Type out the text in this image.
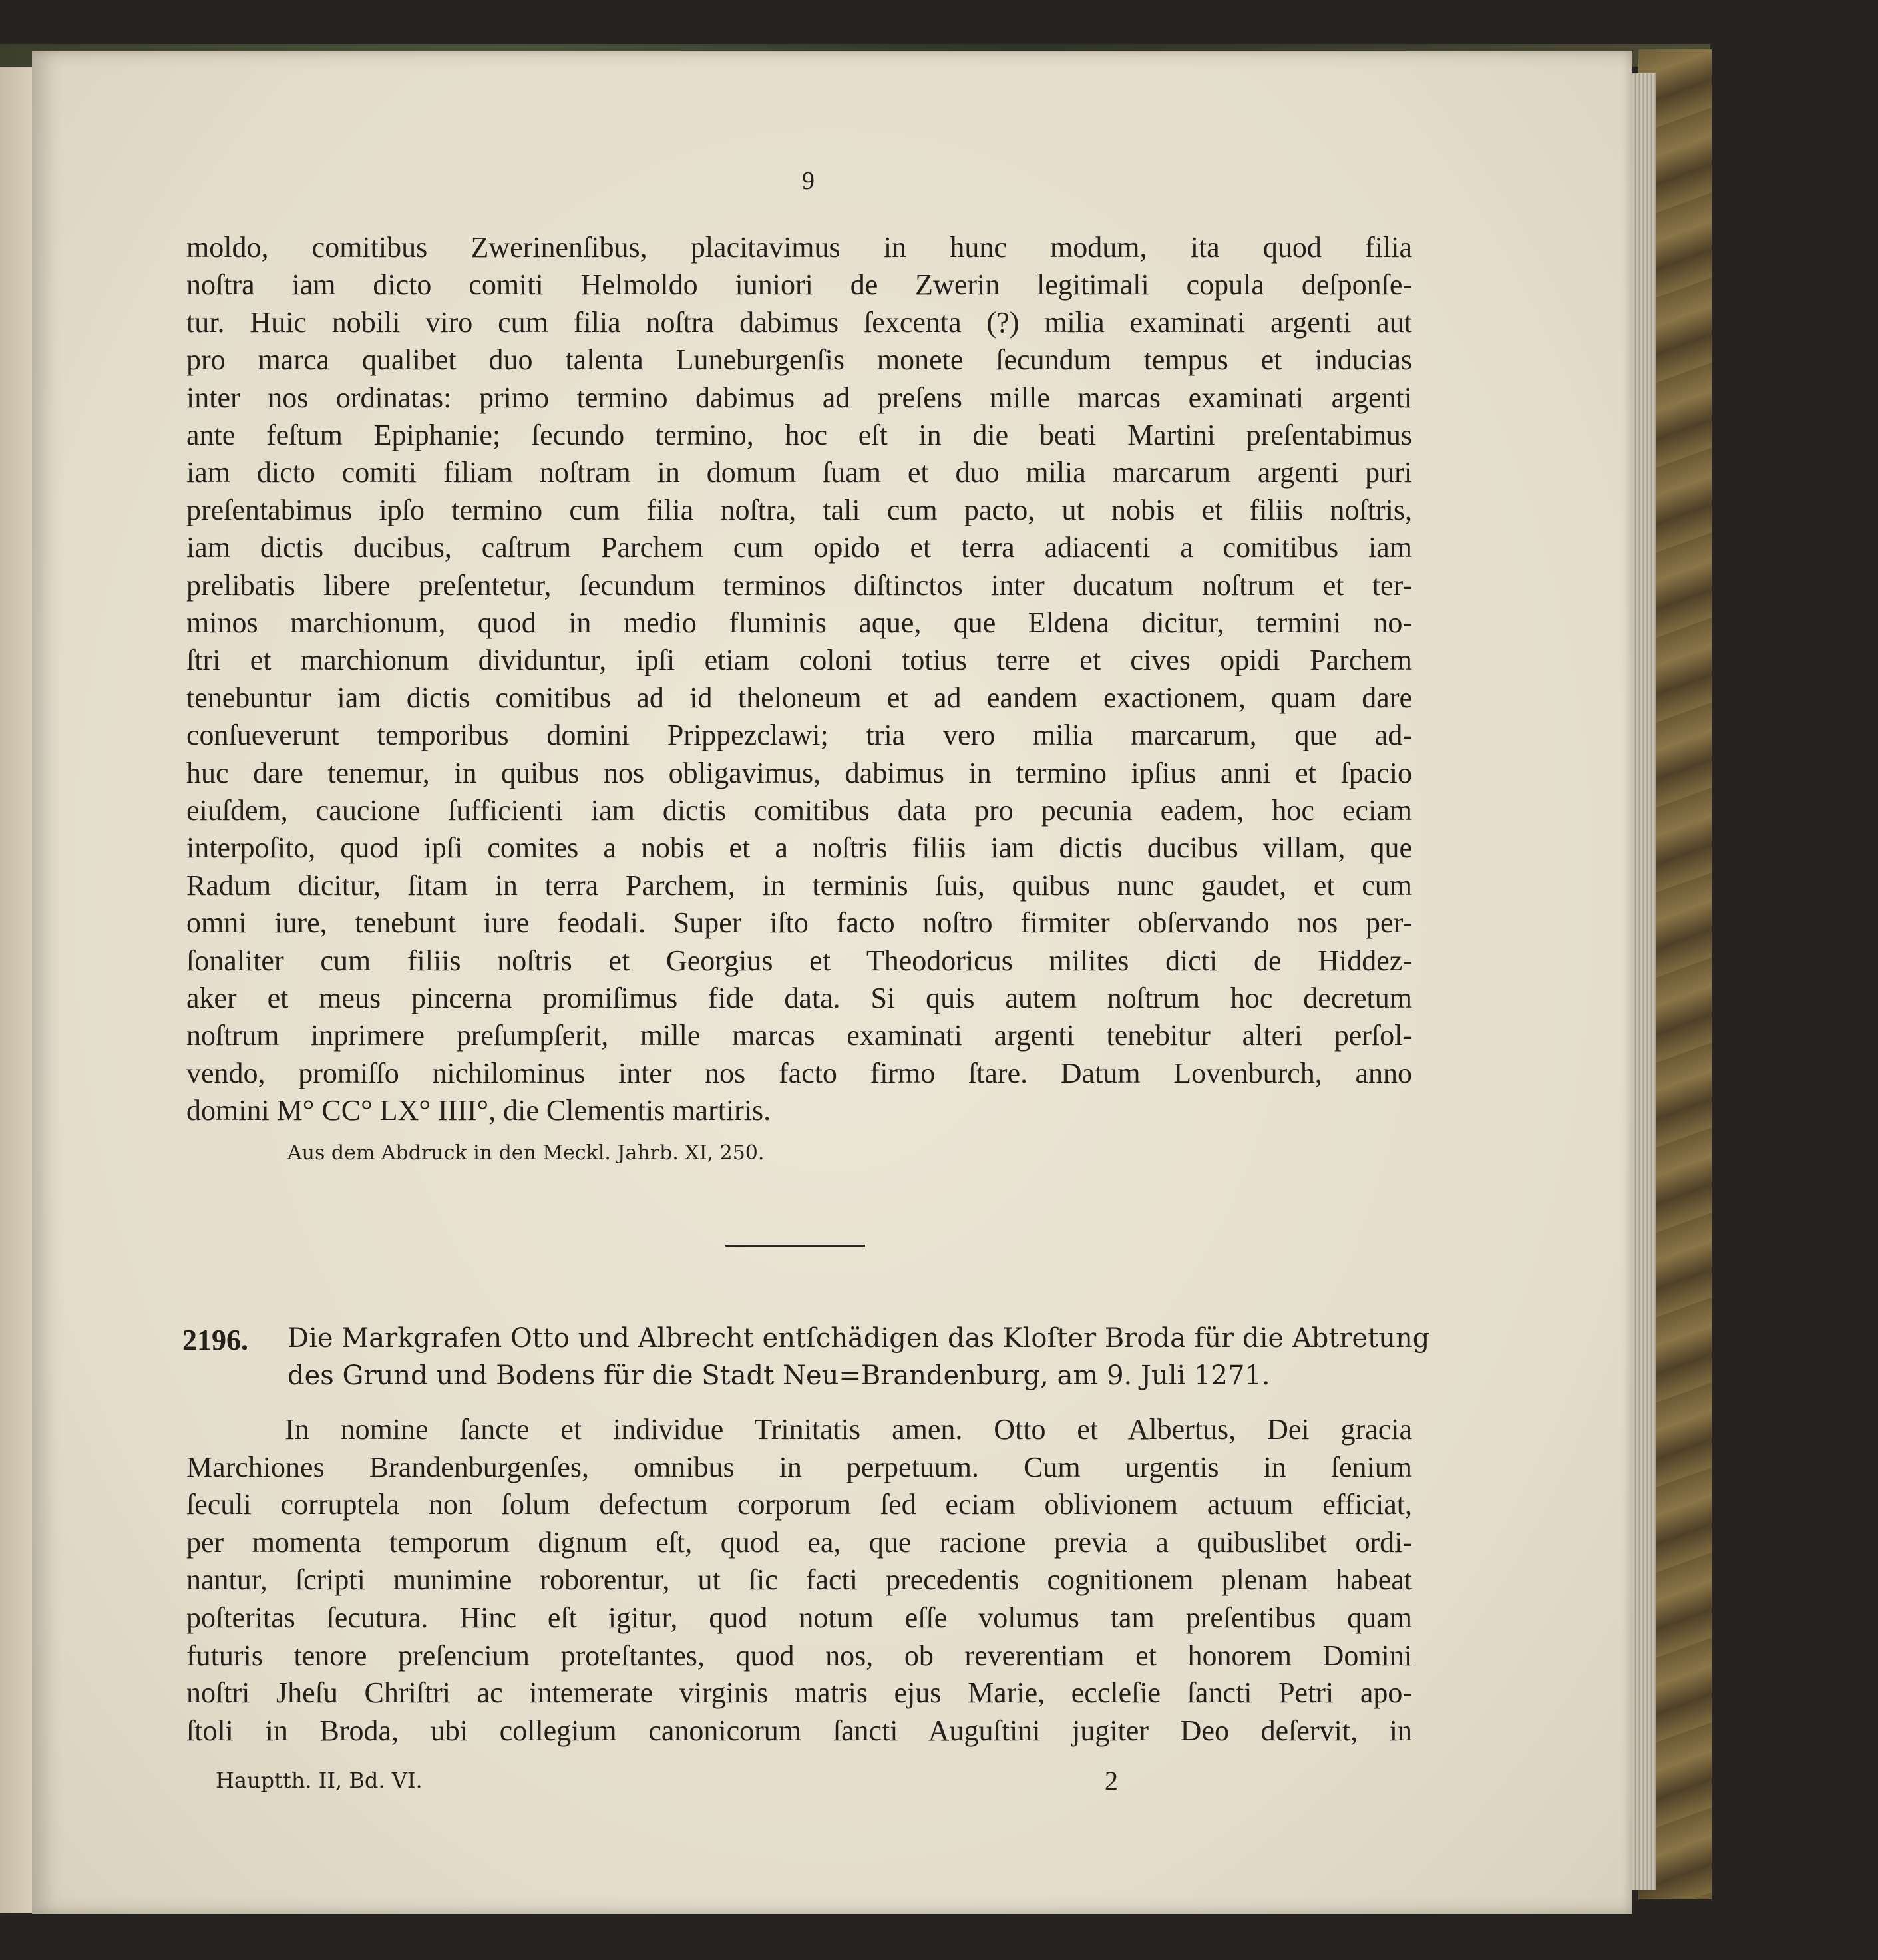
9
moldo, comitibus Zwerinenſibus, placitavimus in hunc modum, ita quod filia
noſtra iam dicto comiti Helmoldo iuniori de Zwerin legitimali copula deſponſe-
tur. Huic nobili viro cum filia noſtra dabimus ſexcenta (?) milia examinati argenti aut
pro marca qualibet duo talenta Luneburgenſis monete ſecundum tempus et inducias
inter nos ordinatas: primo termino dabimus ad preſens mille marcas examinati argenti
ante feſtum Epiphanie; ſecundo termino, hoc eſt in die beati Martini preſentabimus
iam dicto comiti filiam noſtram in domum ſuam et duo milia marcarum argenti puri
preſentabimus ipſo termino cum filia noſtra, tali cum pacto, ut nobis et filiis noſtris,
iam dictis ducibus, caſtrum Parchem cum opido et terra adiacenti a comitibus iam
prelibatis libere preſentetur, ſecundum terminos diſtinctos inter ducatum noſtrum et ter-
minos marchionum, quod in medio fluminis aque, que Eldena dicitur, termini no-
ſtri et marchionum dividuntur, ipſi etiam coloni totius terre et cives opidi Parchem
tenebuntur iam dictis comitibus ad id theloneum et ad eandem exactionem, quam dare
conſueverunt temporibus domini Prippezclawi; tria vero milia marcarum, que ad-
huc dare tenemur, in quibus nos obligavimus, dabimus in termino ipſius anni et ſpacio
eiuſdem, caucione ſufficienti iam dictis comitibus data pro pecunia eadem, hoc eciam
interpoſito, quod ipſi comites a nobis et a noſtris filiis iam dictis ducibus villam, que
Radum dicitur, ſitam in terra Parchem, in terminis ſuis, quibus nunc gaudet, et cum
omni iure, tenebunt iure feodali. Super iſto facto noſtro firmiter obſervando nos per-
ſonaliter cum filiis noſtris et Georgius et Theodoricus milites dicti de Hiddez-
aker et meus pincerna promiſimus fide data. Si quis autem noſtrum hoc decretum
noſtrum inprimere preſumpſerit, mille marcas examinati argenti tenebitur alteri perſol-
vendo, promiſſo nichilominus inter nos facto firmo ſtare. Datum Lovenburch, anno
domini M° CC° LX° IIII°, die Clementis martiris.
Aus dem Abdruck in den Meckl. Jahrb. XI, 250.
2196. Die Markgrafen Otto und Albrecht entſchädigen das Kloſter Broda für die Abtretung
des Grund und Bodens für die Stadt Neu=Brandenburg, am 9. Juli 1271.
In nomine ſancte et individue Trinitatis amen. Otto et Albertus, Dei gracia
Marchiones Brandenburgenſes, omnibus in perpetuum. Cum urgentis in ſenium
ſeculi corruptela non ſolum defectum corporum ſed eciam oblivionem actuum efficiat,
per momenta temporum dignum eſt, quod ea, que racione previa a quibuslibet ordi-
nantur, ſcripti munimine roborentur, ut ſic facti precedentis cognitionem plenam habeat
poſteritas ſecutura. Hinc eſt igitur, quod notum eſſe volumus tam preſentibus quam
futuris tenore preſencium proteſtantes, quod nos, ob reverentiam et honorem Domini
noſtri Jheſu Chriſtri ac intemerate virginis matris ejus Marie, eccleſie ſancti Petri apo-
ſtoli in Broda, ubi collegium canonicorum ſancti Auguſtini jugiter Deo deſervit, in
Hauptth. II, Bd. VI.	2
